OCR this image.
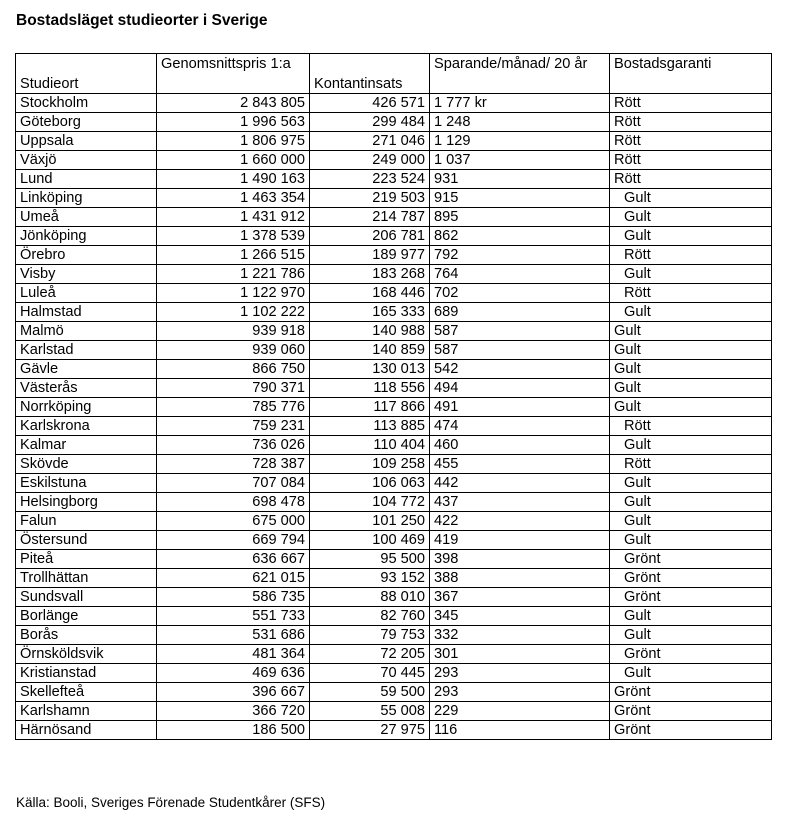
Bostadsläget studieorter i Sverige
Studieort	Genomsnittspris 1:a	Kontantinsats	Sparande/månad/ 20 år	Bostadsgaranti
Stockholm	2 843 805	426 571	1 777 kr	Rött
Göteborg	1 996 563	299 484	1 248	Rött
Uppsala	1 806 975	271 046	1 129	Rött
Växjö	1 660 000	249 000	1 037	Rött
Lund	1 490 163	223 524	931	Rött
Linköping	1 463 354	219 503	915	Gult
Umeå	1 431 912	214 787	895	Gult
Jönköping	1 378 539	206 781	862	Gult
Örebro	1 266 515	189 977	792	Rött
Visby	1 221 786	183 268	764	Gult
Luleå	1 122 970	168 446	702	Rött
Halmstad	1 102 222	165 333	689	Gult
Malmö	939 918	140 988	587	Gult
Karlstad	939 060	140 859	587	Gult
Gävle	866 750	130 013	542	Gult
Västerås	790 371	118 556	494	Gult
Norrköping	785 776	117 866	491	Gult
Karlskrona	759 231	113 885	474	Rött
Kalmar	736 026	110 404	460	Gult
Skövde	728 387	109 258	455	Rött
Eskilstuna	707 084	106 063	442	Gult
Helsingborg	698 478	104 772	437	Gult
Falun	675 000	101 250	422	Gult
Östersund	669 794	100 469	419	Gult
Piteå	636 667	95 500	398	Grönt
Trollhättan	621 015	93 152	388	Grönt
Sundsvall	586 735	88 010	367	Grönt
Borlänge	551 733	82 760	345	Gult
Borås	531 686	79 753	332	Gult
Örnsköldsvik	481 364	72 205	301	Grönt
Kristianstad	469 636	70 445	293	Gult
Skellefteå	396 667	59 500	293	Grönt
Karlshamn	366 720	55 008	229	Grönt
Härnösand	186 500	27 975	116	Grönt
Källa: Booli, Sveriges Förenade Studentkårer (SFS)
